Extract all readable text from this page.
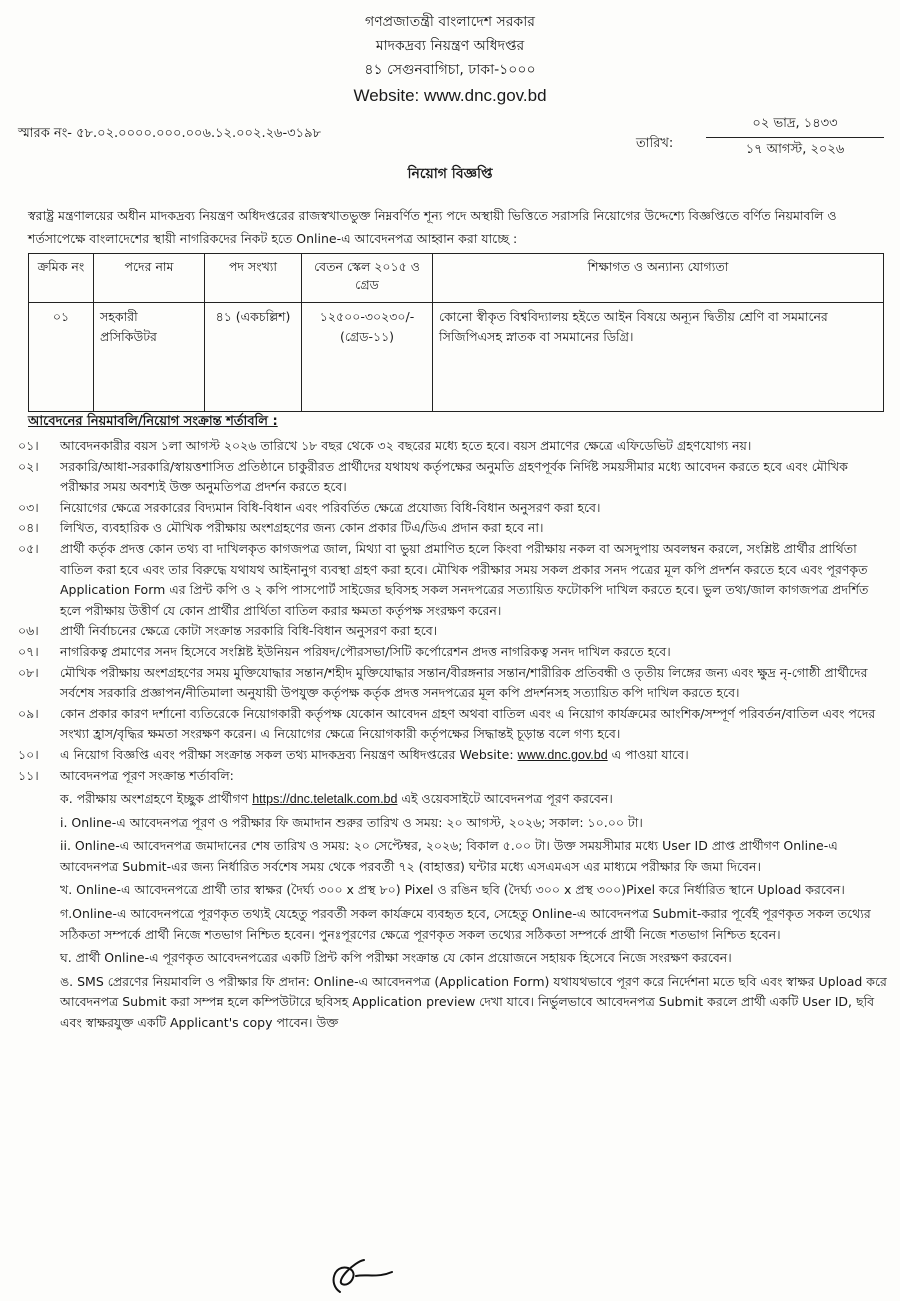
গণপ্রজাতন্ত্রী বাংলাদেশ সরকার
মাদকদ্রব্য নিয়ন্ত্রণ অধিদপ্তর
৪১ সেগুনবাগিচা, ঢাকা-১০০০
Website: www.dnc.gov.bd
স্মারক নং- ৫৮.০২.০০০০.০০০.০০৬.১২.০০২.২৬-৩১৯৮
তারিখ:
০২ ভাদ্র, ১৪৩৩
১৭ আগস্ট, ২০২৬
নিয়োগ বিজ্ঞপ্তি
স্বরাষ্ট্র মন্ত্রণালয়ের অধীন মাদকদ্রব্য নিয়ন্ত্রণ অধিদপ্তরের রাজস্বখাতভুক্ত নিম্নবর্ণিত শূন্য পদে অস্থায়ী ভিত্তিতে সরাসরি নিয়োগের উদ্দেশ্যে বিজ্ঞপ্তিতে বর্ণিত নিয়মাবলি ও শর্তসাপেক্ষে বাংলাদেশের স্থায়ী নাগরিকদের নিকট হতে Online-এ আবেদনপত্র আহ্বান করা যাচ্ছে :
ক্রমিক নং	পদের নাম	পদ সংখ্যা	বেতন স্কেল ২০১৫ ও গ্রেড	শিক্ষাগত ও অন্যান্য যোগ্যতা
০১	সহকারী প্রসিকিউটর	৪১ (একচল্লিশ)	১২৫০০-৩০২৩০/- (গ্রেড-১১)	কোনো স্বীকৃত বিশ্ববিদ্যালয় হইতে আইন বিষয়ে অন্যূন দ্বিতীয় শ্রেণি বা সমমানের সিজিপিএসহ স্নাতক বা সমমানের ডিগ্রি।
আবেদনের নিয়মাবলি/নিয়োগ সংক্রান্ত শর্তাবলি :
০১।	আবেদনকারীর বয়স ১লা আগস্ট ২০২৬ তারিখে ১৮ বছর থেকে ৩২ বছরের মধ্যে হতে হবে। বয়স প্রমাণের ক্ষেত্রে এফিডেভিট গ্রহণযোগ্য নয়।
০২।	সরকারি/আধা-সরকারি/স্বায়ত্তশাসিত প্রতিষ্ঠানে চাকুরীরত প্রার্থীদের যথাযথ কর্তৃপক্ষের অনুমতি গ্রহণপূর্বক নির্দিষ্ট সময়সীমার মধ্যে আবেদন করতে হবে এবং মৌখিক পরীক্ষার সময় অবশ্যই উক্ত অনুমতিপত্র প্রদর্শন করতে হবে।
০৩।	নিয়োগের ক্ষেত্রে সরকারের বিদ্যমান বিধি-বিধান এবং পরিবর্তিত ক্ষেত্রে প্রযোজ্য বিধি-বিধান অনুসরণ করা হবে।
০৪।	লিখিত, ব্যবহারিক ও মৌখিক পরীক্ষায় অংশগ্রহণের জন্য কোন প্রকার টিএ/ডিএ প্রদান করা হবে না।
০৫।	প্রার্থী কর্তৃক প্রদত্ত কোন তথ্য বা দাখিলকৃত কাগজপত্র জাল, মিথ্যা বা ভুয়া প্রমাণিত হলে কিংবা পরীক্ষায় নকল বা অসদুপায় অবলম্বন করলে, সংশ্লিষ্ট প্রার্থীর প্রার্থিতা বাতিল করা হবে এবং তার বিরুদ্ধে যথাযথ আইনানুগ ব্যবস্থা গ্রহণ করা হবে। মৌখিক পরীক্ষার সময় সকল প্রকার সনদ পত্রের মূল কপি প্রদর্শন করতে হবে এবং পূরণকৃত Application Form এর প্রিন্ট কপি ও ২ কপি পাসপোর্ট সাইজের ছবিসহ সকল সনদপত্রের সত্যায়িত ফটোকপি দাখিল করতে হবে। ভুল তথ্য/জাল কাগজপত্র প্রদর্শিত হলে পরীক্ষায় উত্তীর্ণ যে কোন প্রার্থীর প্রার্থিতা বাতিল করার ক্ষমতা কর্তৃপক্ষ সংরক্ষণ করেন।
০৬।	প্রার্থী নির্বাচনের ক্ষেত্রে কোটা সংক্রান্ত সরকারি বিধি-বিধান অনুসরণ করা হবে।
০৭।	নাগরিকত্ব প্রমাণের সনদ হিসেবে সংশ্লিষ্ট ইউনিয়ন পরিষদ/পৌরসভা/সিটি কর্পোরেশন প্রদত্ত নাগরিকত্ব সনদ দাখিল করতে হবে।
০৮।	মৌখিক পরীক্ষায় অংশগ্রহণের সময় মুক্তিযোদ্ধার সন্তান/শহীদ মুক্তিযোদ্ধার সন্তান/বীরঙ্গনার সন্তান/শারীরিক প্রতিবন্ধী ও তৃতীয় লিঙ্গের জন্য এবং ক্ষুদ্র নৃ-গোষ্ঠী প্রার্থীদের সর্বশেষ সরকারি প্রজ্ঞাপন/নীতিমালা অনুযায়ী উপযুক্ত কর্তৃপক্ষ কর্তৃক প্রদত্ত সনদপত্রের মূল কপি প্রদর্শনসহ সত্যায়িত কপি দাখিল করতে হবে।
০৯।	কোন প্রকার কারণ দর্শানো ব্যতিরেকে নিয়োগকারী কর্তৃপক্ষ যেকোন আবেদন গ্রহণ অথবা বাতিল এবং এ নিয়োগ কার্যক্রমের আংশিক/সম্পূর্ণ পরিবর্তন/বাতিল এবং পদের সংখ্যা হ্রাস/বৃদ্ধির ক্ষমতা সংরক্ষণ করেন। এ নিয়োগের ক্ষেত্রে নিয়োগকারী কর্তৃপক্ষের সিদ্ধান্তই চূড়ান্ত বলে গণ্য হবে।
১০।	এ নিয়োগ বিজ্ঞপ্তি এবং পরীক্ষা সংক্রান্ত সকল তথ্য মাদকদ্রব্য নিয়ন্ত্রণ অধিদপ্তরের Website: www.dnc.gov.bd এ পাওয়া যাবে।
১১।	আবেদনপত্র পূরণ সংক্রান্ত শর্তাবলি:
ক. পরীক্ষায় অংশগ্রহণে ইচ্ছুক প্রার্থীগণ https://dnc.teletalk.com.bd এই ওয়েবসাইটে আবেদনপত্র পূরণ করবেন।
i. Online-এ আবেদনপত্র পূরণ ও পরীক্ষার ফি জমাদান শুরুর তারিখ ও সময়: ২০ আগস্ট, ২০২৬; সকাল: ১০.০০ টা।
ii. Online-এ আবেদনপত্র জমাদানের শেষ তারিখ ও সময়: ২০ সেপ্টেম্বর, ২০২৬; বিকাল ৫.০০ টা। উক্ত সময়সীমার মধ্যে User ID প্রাপ্ত প্রার্থীগণ Online-এ আবেদনপত্র Submit-এর জন্য নির্ধারিত সর্বশেষ সময় থেকে পরবর্তী ৭২ (বাহাত্তর) ঘন্টার মধ্যে এসএমএস এর মাধ্যমে পরীক্ষার ফি জমা দিবেন।
খ. Online-এ আবেদনপত্রে প্রার্থী তার স্বাক্ষর (দৈর্ঘ্য ৩০০ x প্রস্থ ৮০) Pixel ও রঙিন ছবি (দৈর্ঘ্য ৩০০ x প্রস্থ ৩০০)Pixel করে নির্ধারিত স্থানে Upload করবেন।
গ.Online-এ আবেদনপত্রে পূরণকৃত তথ্যই যেহেতু পরবর্তী সকল কার্যক্রমে ব্যবহৃত হবে, সেহেতু Online-এ আবেদনপত্র Submit-করার পূর্বেই পূরণকৃত সকল তথ্যের সঠিকতা সম্পর্কে প্রার্থী নিজে শতভাগ নিশ্চিত হবেন। পুনঃপূরণের ক্ষেত্রে পূরণকৃত সকল তথ্যের সঠিকতা সম্পর্কে প্রার্থী নিজে শতভাগ নিশ্চিত হবেন।
ঘ. প্রার্থী Online-এ পূরণকৃত আবেদনপত্রের একটি প্রিন্ট কপি পরীক্ষা সংক্রান্ত যে কোন প্রয়োজনে সহায়ক হিসেবে নিজে সংরক্ষণ করবেন।
ঙ. SMS প্রেরণের নিয়মাবলি ও পরীক্ষার ফি প্রদান: Online-এ আবেদনপত্র (Application Form) যথাযথভাবে পূরণ করে নির্দেশনা মতে ছবি এবং স্বাক্ষর Upload করে আবেদনপত্র Submit করা সম্পন্ন হলে কম্পিউটারে ছবিসহ Application preview দেখা যাবে। নির্ভুলভাবে আবেদনপত্র Submit করলে প্রার্থী একটি User ID, ছবি এবং স্বাক্ষরযুক্ত একটি Applicant's copy পাবেন। উক্ত
